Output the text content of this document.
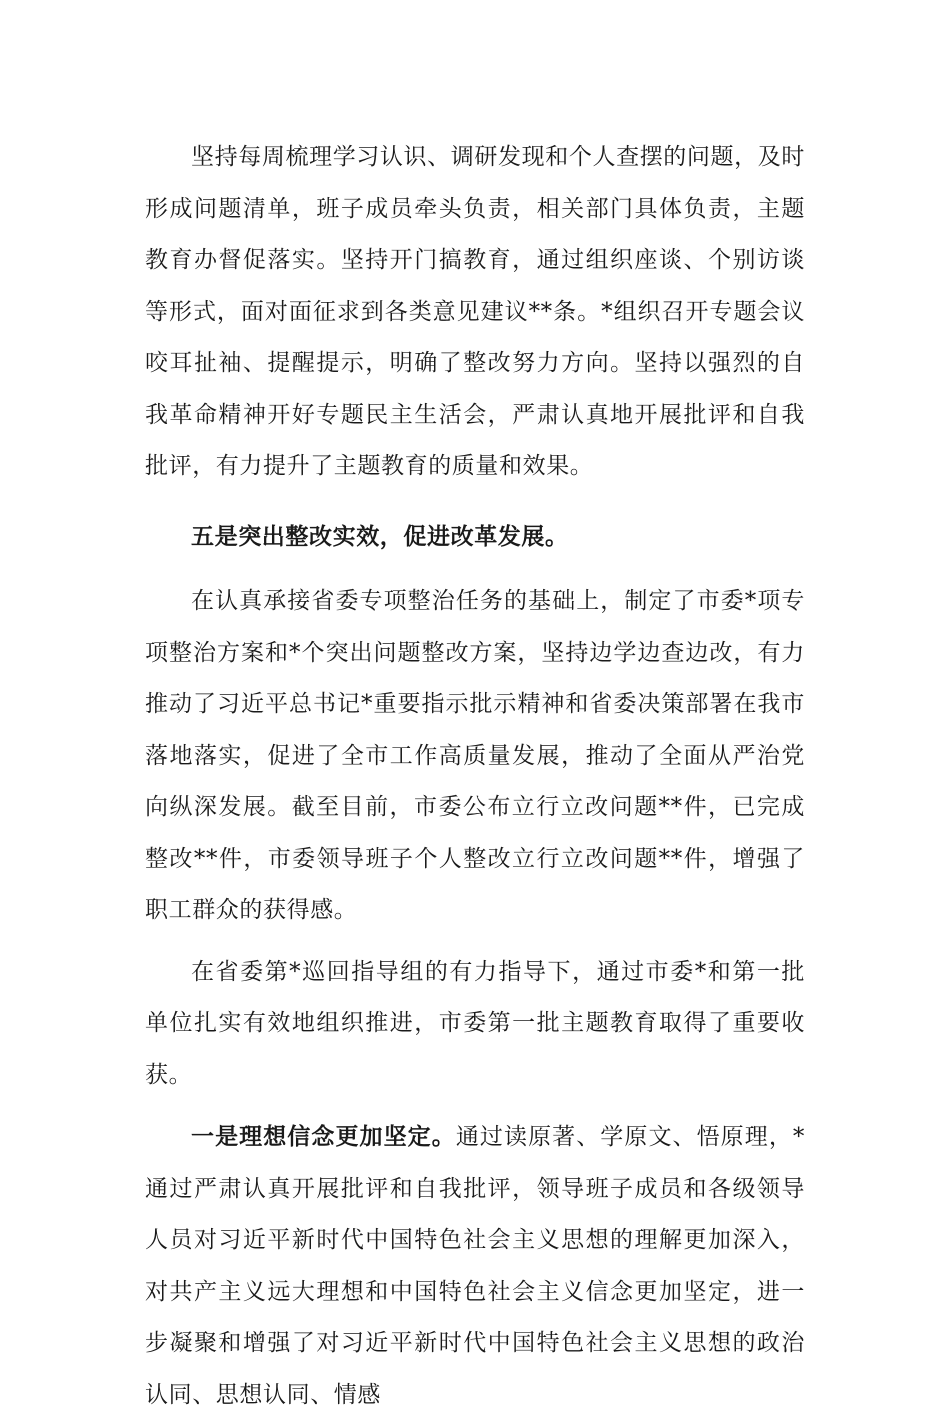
坚持每周梳理学习认识、调研发现和个人查摆的问题，及时形成问题清单，班子成员牵头负责，相关部门具体负责，主题教育办督促落实。坚持开门搞教育，通过组织座谈、个别访谈等形式，面对面征求到各类意见建议**条。*组织召开专题会议咬耳扯袖、提醒提示，明确了整改努力方向。坚持以强烈的自我革命精神开好专题民主生活会，严肃认真地开展批评和自我批评，有力提升了主题教育的质量和效果。

五是突出整改实效，促进改革发展。

在认真承接省委专项整治任务的基础上，制定了市委*项专项整治方案和*个突出问题整改方案，坚持边学边查边改，有力推动了习近平总书记*重要指示批示精神和省委决策部署在我市落地落实，促进了全市工作高质量发展，推动了全面从严治党向纵深发展。截至目前，市委公布立行立改问题**件，已完成整改**件，市委领导班子个人整改立行立改问题**件，增强了职工群众的获得感。

在省委第*巡回指导组的有力指导下，通过市委*和第一批单位扎实有效地组织推进，市委第一批主题教育取得了重要收获。

一是理想信念更加坚定。通过读原著、学原文、悟原理，*通过严肃认真开展批评和自我批评，领导班子成员和各级领导人员对习近平新时代中国特色社会主义思想的理解更加深入，对共产主义远大理想和中国特色社会主义信念更加坚定，进一步凝聚和增强了对习近平新时代中国特色社会主义思想的政治认同、思想认同、情感
